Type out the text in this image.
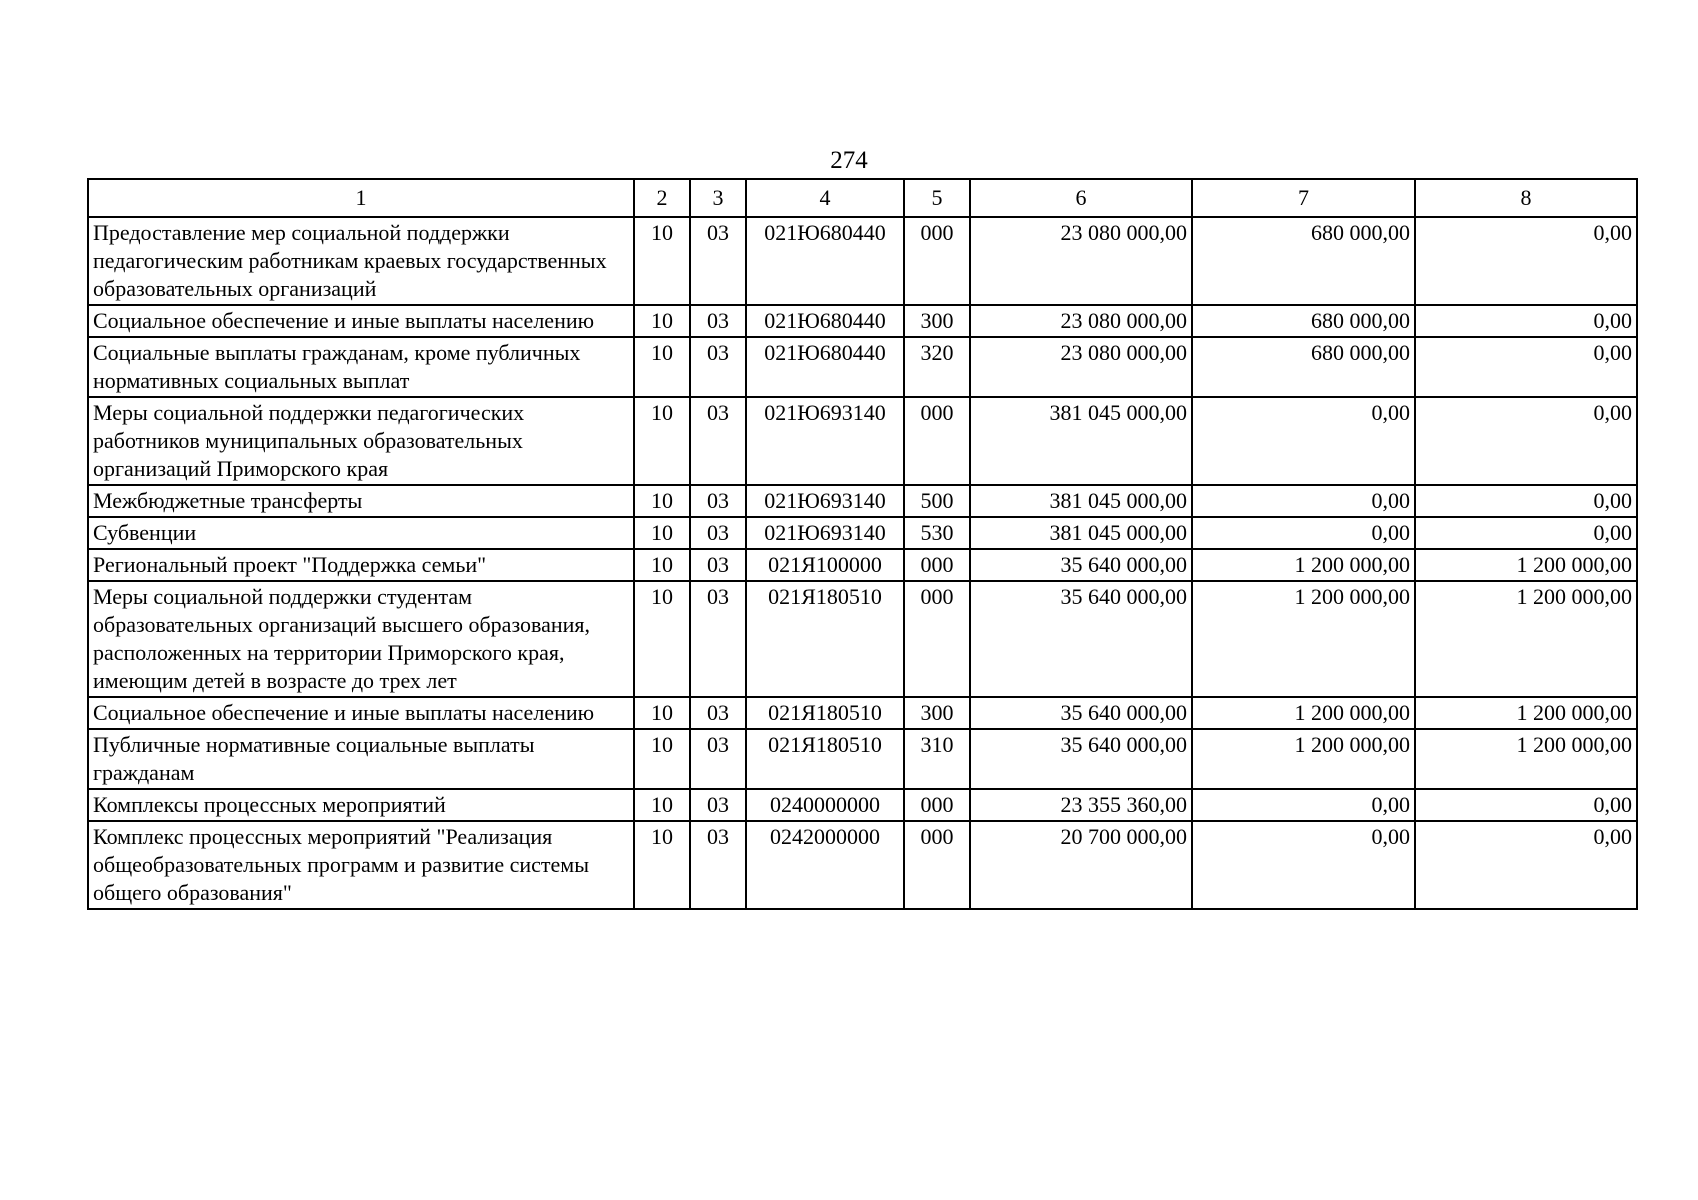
274
1	2	3	4	5	6	7	8
Предоставление мер социальной поддержки педагогическим работникам краевых государственных образовательных организаций	10	03	021Ю680440	000	23 080 000,00	680 000,00	0,00
Социальное обеспечение и иные выплаты населению	10	03	021Ю680440	300	23 080 000,00	680 000,00	0,00
Социальные выплаты гражданам, кроме публичных нормативных социальных выплат	10	03	021Ю680440	320	23 080 000,00	680 000,00	0,00
Меры социальной поддержки педагогических работников муниципальных образовательных организаций Приморского края	10	03	021Ю693140	000	381 045 000,00	0,00	0,00
Межбюджетные трансферты	10	03	021Ю693140	500	381 045 000,00	0,00	0,00
Субвенции	10	03	021Ю693140	530	381 045 000,00	0,00	0,00
Региональный проект "Поддержка семьи"	10	03	021Я100000	000	35 640 000,00	1 200 000,00	1 200 000,00
Меры социальной поддержки студентам образовательных организаций высшего образования, расположенных на территории Приморского края, имеющим детей в возрасте до трех лет	10	03	021Я180510	000	35 640 000,00	1 200 000,00	1 200 000,00
Социальное обеспечение и иные выплаты населению	10	03	021Я180510	300	35 640 000,00	1 200 000,00	1 200 000,00
Публичные нормативные социальные выплаты гражданам	10	03	021Я180510	310	35 640 000,00	1 200 000,00	1 200 000,00
Комплексы процессных мероприятий	10	03	0240000000	000	23 355 360,00	0,00	0,00
Комплекс процессных мероприятий "Реализация общеобразовательных программ и развитие системы общего образования"	10	03	0242000000	000	20 700 000,00	0,00	0,00
